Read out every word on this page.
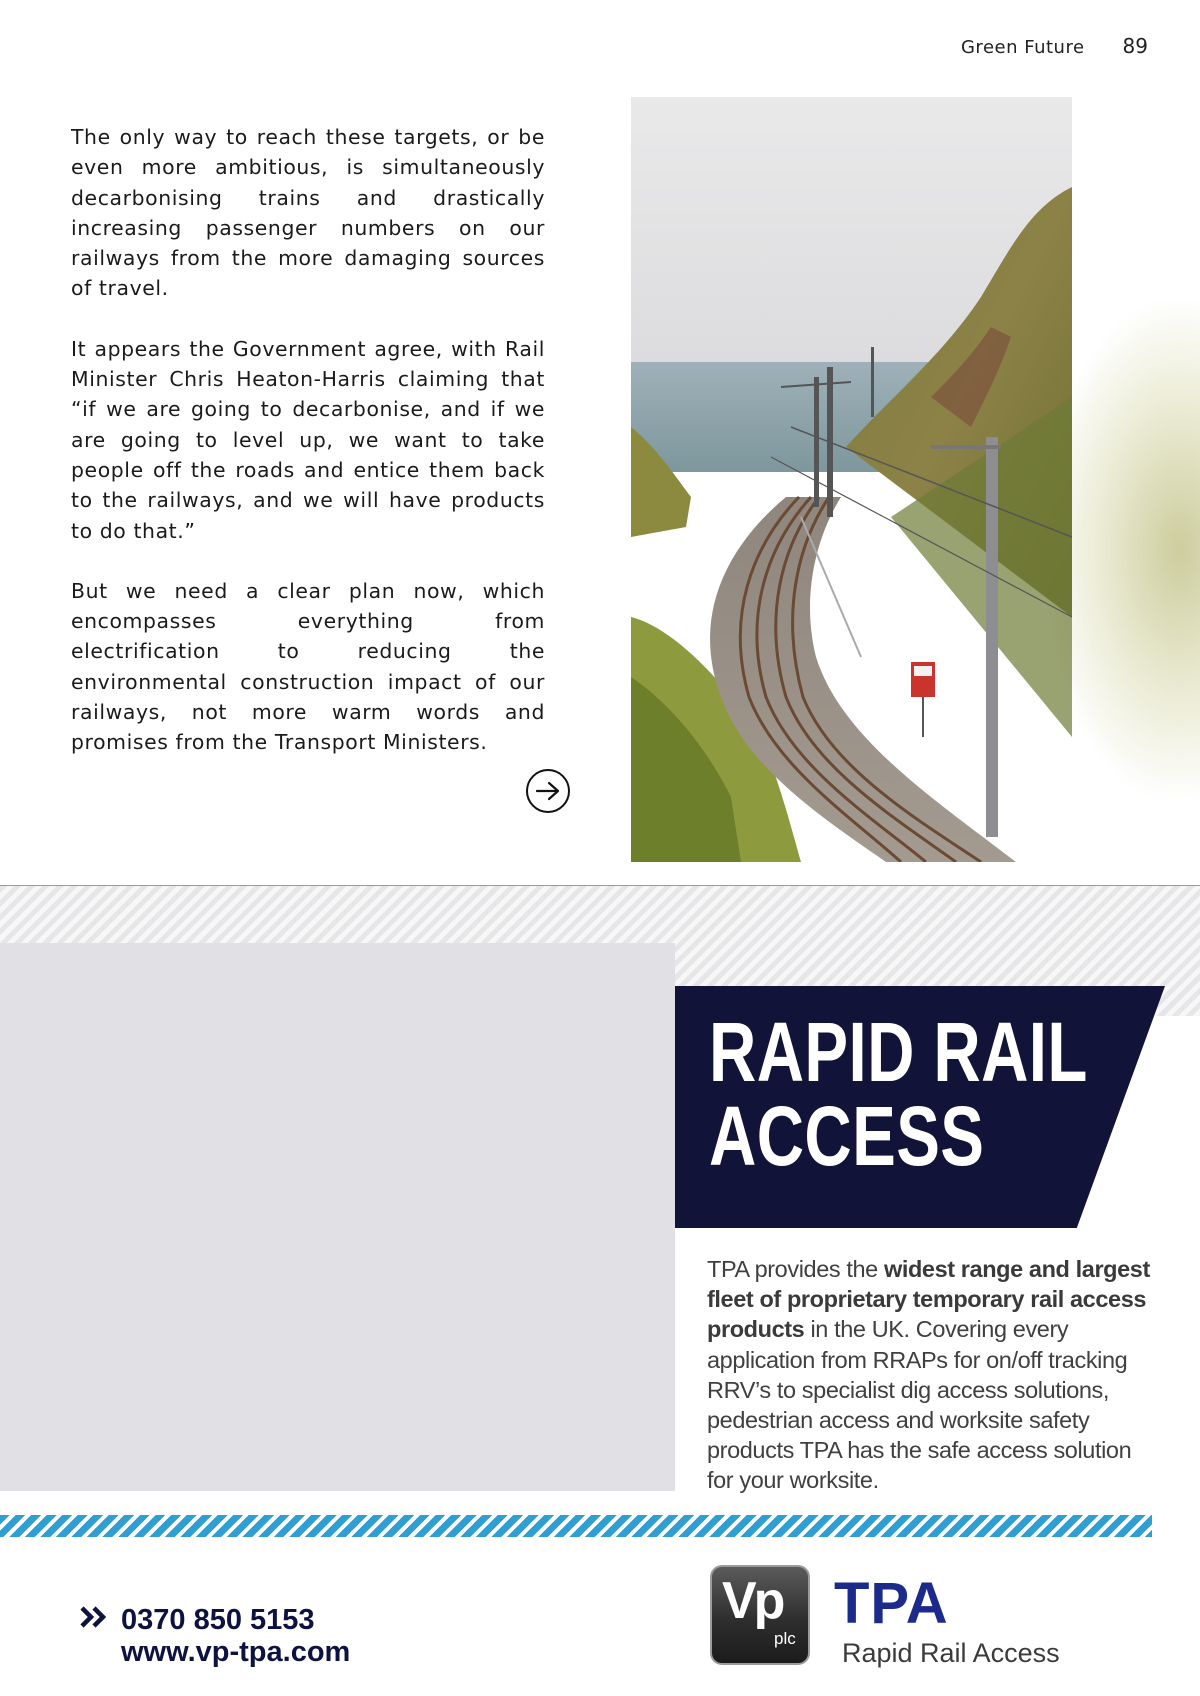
Green Future 89

The only way to reach these targets, or be even more ambitious, is simultaneously decarbonising trains and drastically increasing passenger numbers on our railways from the more damaging sources of travel.

It appears the Government agree, with Rail Minister Chris Heaton-Harris claiming that “if we are going to decarbonise, and if we are going to level up, we want to take people off the roads and entice them back to the railways, and we will have products to do that.”

But we need a clear plan now, which encompasses everything from electrification to reducing the environmental construction impact of our railways, not more warm words and promises from the Transport Ministers.

RAPID RAIL
ACCESS
TPA provides the widest range and largest fleet of proprietary temporary rail access products in the UK. Covering every application from RRAPs for on/off tracking RRV’s to specialist dig access solutions, pedestrian access and worksite safety products TPA has the safe access solution for your worksite.
0370 850 5153
www.vp-tpa.com
Vp
plc
TPA
Rapid Rail Access
